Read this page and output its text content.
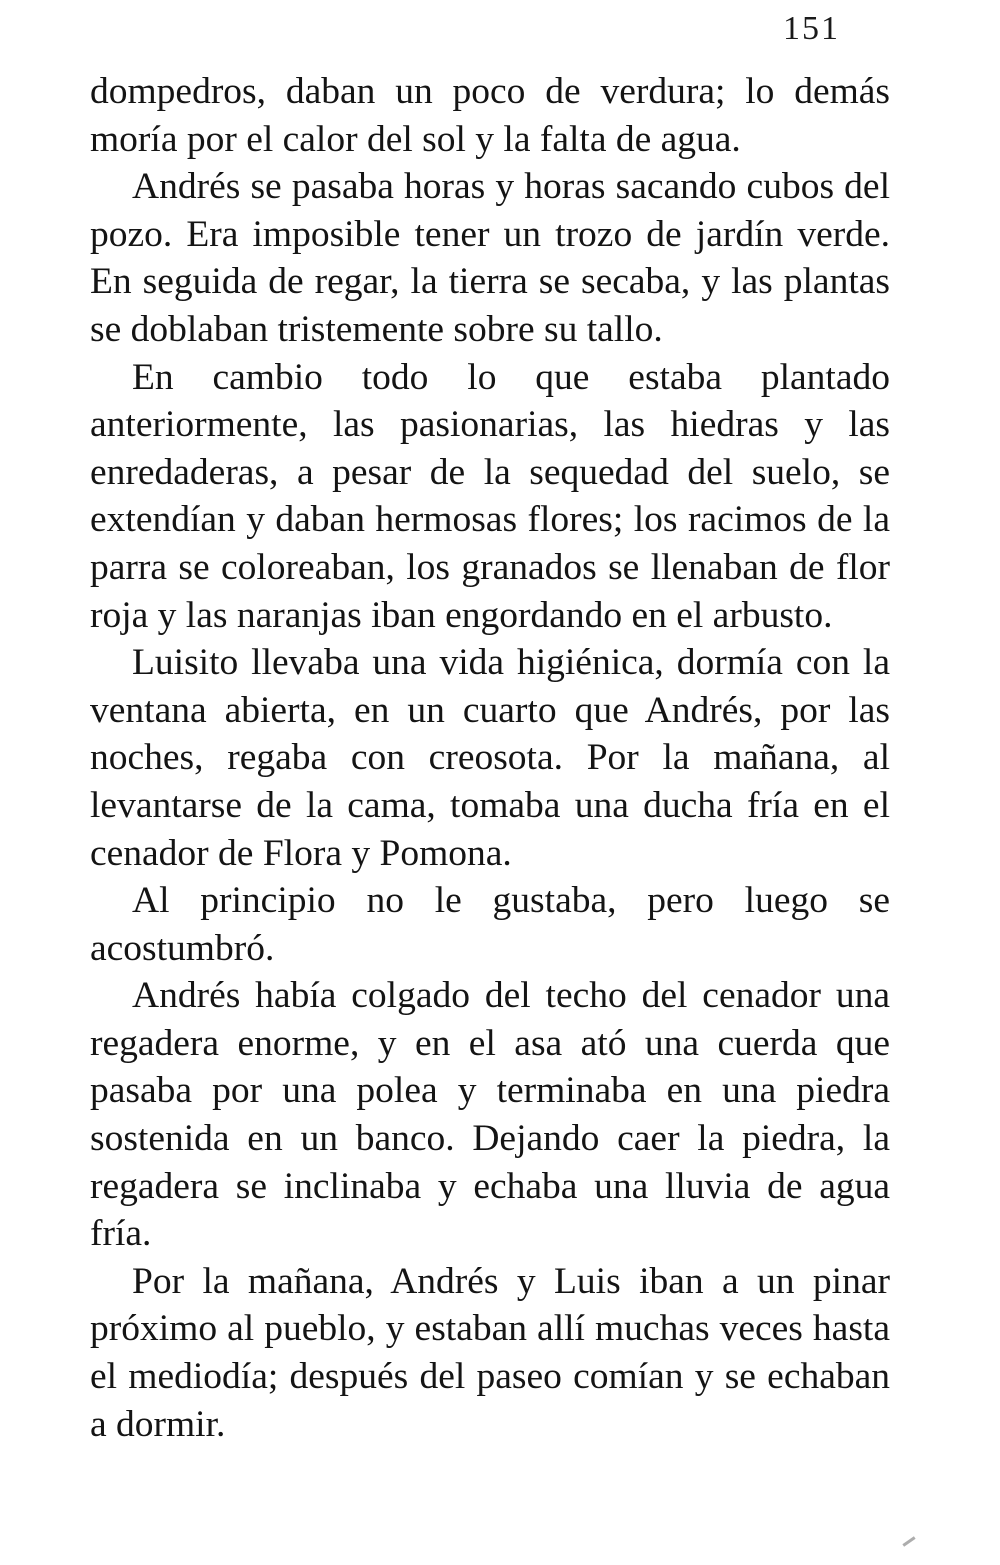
151

dompedros, daban un poco de verdura; lo demás moría por el calor del sol y la falta de agua.

Andrés se pasaba horas y horas sacando cubos del pozo. Era imposible tener un trozo de jardín verde. En seguida de regar, la tierra se secaba, y las plantas se doblaban tristemente sobre su tallo.

En cambio todo lo que estaba plantado anteriormente, las pasionarias, las hiedras y las enredaderas, a pesar de la sequedad del suelo, se extendían y daban hermosas flores; los racimos de la parra se coloreaban, los granados se llenaban de flor roja y las naranjas iban engordando en el arbusto.

Luisito llevaba una vida higiénica, dormía con la ventana abierta, en un cuarto que Andrés, por las noches, regaba con creosota. Por la mañana, al levantarse de la cama, tomaba una ducha fría en el cenador de Flora y Pomona.

Al principio no le gustaba, pero luego se acostumbró.

Andrés había colgado del techo del cenador una regadera enorme, y en el asa ató una cuerda que pasaba por una polea y terminaba en una piedra sostenida en un banco. Dejando caer la piedra, la regadera se inclinaba y echaba una lluvia de agua fría.

Por la mañana, Andrés y Luis iban a un pinar próximo al pueblo, y estaban allí muchas veces hasta el mediodía; después del paseo comían y se echaban a dormir.
